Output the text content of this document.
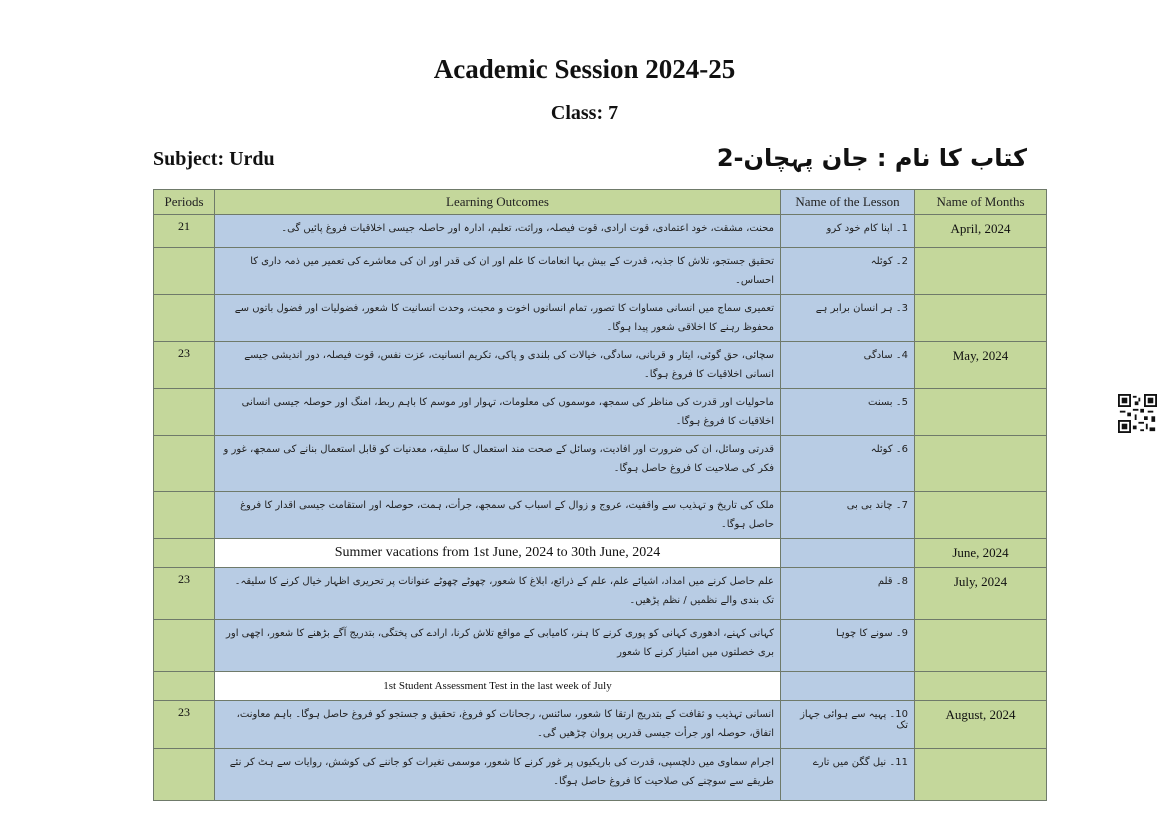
Academic Session 2024-25
Class: 7
Subject: Urdu	کتاب کا نام : جان پہچان-2
Periods	Learning Outcomes	Name of the Lesson	Name of Months
21	محنت، مشقت، خود اعتمادی، قوت ارادی، قوت فیصلہ، وراثت، تعلیم، ادارہ اور حاصلہ جیسی اخلاقیات فروغ پائیں گی۔	1۔ اپنا کام خود کرو	April, 2024
	تحقیق جستجو، تلاش کا جذبہ، قدرت کے بیش بہا انعامات کا علم اور ان کی قدر اور ان کی معاشرے کی تعمیر میں ذمہ داری کا احساس۔	2۔ کوئلہ	
	تعمیری سماج میں انسانی مساوات کا تصور، تمام انسانوں اخوت و محبت، وحدت انسانیت کا شعور، فضولیات اور فضول باتوں سے محفوظ رہنے کا اخلاقی شعور پیدا ہوگا۔	3۔ ہر انسان برابر ہے	
23	سچائی، حق گوئی، ایثار و قربانی، سادگی، خیالات کی بلندی و پاکی، تکریم انسانیت، عزت نفس، قوت فیصلہ، دور اندیشی جیسے انسانی اخلاقیات کا فروغ ہوگا۔	4۔ سادگی	May, 2024
	ماحولیات اور قدرت کی مناظر کی سمجھ، موسموں کی معلومات، تہوار اور موسم کا باہم ربط، امنگ اور حوصلہ جیسی انسانی اخلاقیات کا فروغ ہوگا۔	5۔ بسنت	
	قدرتی وسائل، ان کی ضرورت اور افادیت، وسائل کے صحت مند استعمال کا سلیقہ، معدنیات کو قابل استعمال بنانے کی سمجھ، غور و فکر کی صلاحیت کا فروغ حاصل ہوگا۔	6۔ کوئلہ	
	ملک کی تاریخ و تہذیب سے واقفیت، عروج و زوال کے اسباب کی سمجھ، جرأت، ہمت، حوصلہ اور استقامت جیسی اقدار کا فروغ حاصل ہوگا۔	7۔ چاند بی بی	
	Summer vacations from 1st June, 2024 to 30th June, 2024		June, 2024
23	علم حاصل کرنے میں امداد، اشیائے علم، علم کے ذرائع، ابلاغ کا شعور، چھوٹے چھوٹے عنوانات پر تحریری اظہار خیال کرنے کا سلیقہ۔ تک بندی والے نظمیں / نظم پڑھیں۔	8۔ قلم	July, 2024
	کہانی کہنے، ادھوری کہانی کو پوری کرنے کا ہنر، کامیابی کے مواقع تلاش کرنا، ارادے کی پختگی، بتدریج آگے بڑھنے کا شعور، اچھی اور بری خصلتوں میں امتیاز کرنے کا شعور	9۔ سونے کا چوہا	
	1st Student Assessment Test in the last week of July		
23	انسانی تہذیب و ثقافت کے بتدریج ارتقا کا شعور، سائنس، رجحانات کو فروغ، تحقیق و جستجو کو فروغ حاصل ہوگا۔ باہم معاونت، اتفاق، حوصلہ اور جرأت جیسی قدریں پروان چڑھیں گی۔	10۔ پہیہ سے ہوائی جہاز تک	August, 2024
	اجرام سماوی میں دلچسپی، قدرت کی باریکیوں پر غور کرنے کا شعور، موسمی تغیرات کو جاننے کی کوشش، روایات سے ہٹ کر نئے طریقے سے سوچنے کی صلاحیت کا فروغ حاصل ہوگا۔	11۔ نیل گگن میں تارے	
